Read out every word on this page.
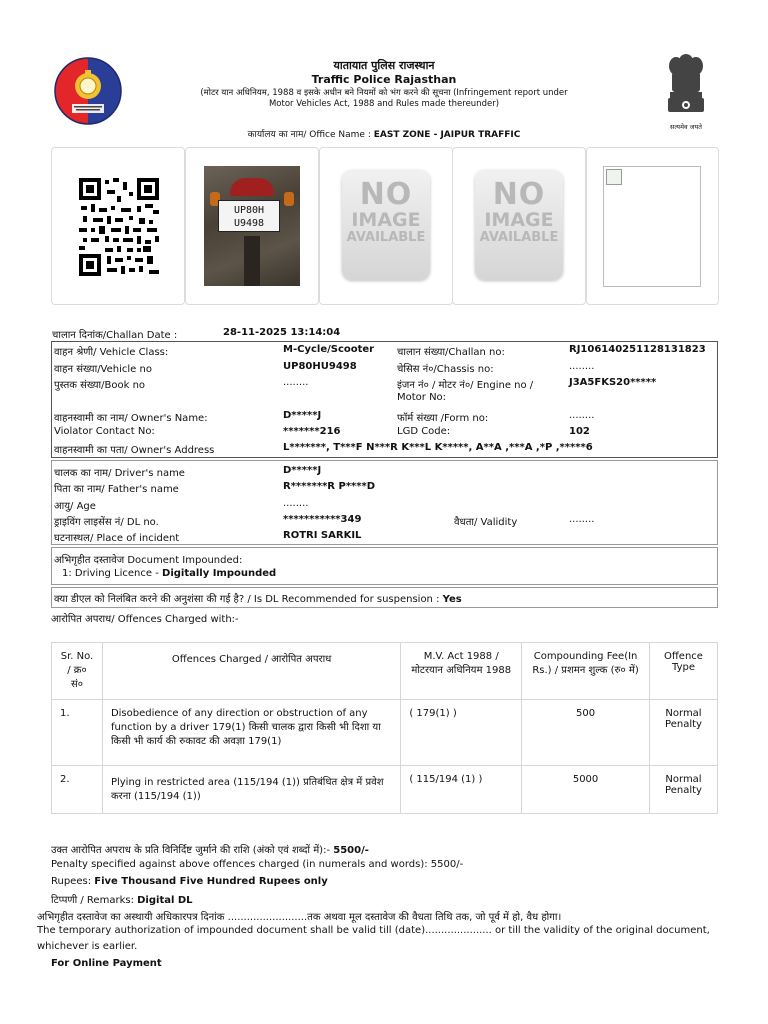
यातायात पुलिस राजस्थान
Traffic Police Rajasthan
(मोटर यान अधिनियम, 1988 व इसके अधीन बने नियमों को भंग करने की सूचना (Infringement report under
Motor Vehicles Act, 1988 and Rules made thereunder)
कार्यालय का नाम/ Office Name : EAST ZONE - JAIPUR TRAFFIC
सत्यमेव जयते
UP80H
U9498
NO
IMAGE
AVAILABLE
NO
IMAGE
AVAILABLE
चालान दिनांक/Challan Date :	28-11-2025 13:14:04
वाहन श्रेणी/ Vehicle Class:	M-Cycle/Scooter चालान संख्या/Challan no:	RJ106140251128131823
वाहन संख्या/Vehicle no	UP80HU9498	चेसिस नं०/Chassis no:	........
पुस्तक संख्या/Book no	........	इंजन नं० / मोटर नं०/ Engine no /
Motor No:
J3A5FKS20*****
वाहनस्वामी का नाम/ Owner's Name:	D*****J	फॉर्म संख्या /Form no:	........
Violator Contact No:	*******216	LGD Code:	102
वाहनस्वामी का पता/ Owner's Address	L*******, T***F N***R K***L K*****, A**A ,***A ,*P ,*****6
चालक का नाम/ Driver's name	D*****J
पिता का नाम/ Father's name	R*******R P****D
आयु/ Age	........
ड्राइविंग लाइसेंस नं/ DL no.	***********349	वैधता/ Validity	........
घटनास्थल/ Place of incident	ROTRI SARKIL
अभिगृहीत दस्तावेज Document Impounded:
1: Driving Licence - Digitally Impounded
क्या डीएल को निलंबित करने की अनुशंसा की गई है? / Is DL Recommended for suspension : Yes
आरोपित अपराध/ Offences Charged with:-
Sr. No. / क्र० सं०	Offences Charged / आरोपित अपराध	M.V. Act 1988 / मोटरयान अधिनियम 1988	Compounding Fee(In Rs.) / प्रशमन शुल्क (रु० में)	Offence Type
1.	Disobedience of any direction or obstruction of any function by a driver 179(1) किसी चालक द्वारा किसी भी दिशा या किसी भी कार्य की रुकावट की अवज्ञा 179(1)	( 179(1) )	500	Normal Penalty
2.	Plying in restricted area (115/194 (1)) प्रतिबंधित क्षेत्र में प्रवेश करना (115/194 (1))	( 115/194 (1) )	5000	Normal Penalty
उक्त आरोपित अपराध के प्रति विनिर्दिष्ट जुर्माने की राशि (अंको एवं शब्दों में):- 5500/-
Penalty specified against above offences charged (in numerals and words): 5500/-
Rupees: Five Thousand Five Hundred Rupees only
टिप्पणी / Remarks: Digital DL
अभिगृहीत दस्तावेज का अस्थायी अधिकारपत्र दिनांक .........................तक अथवा मूल दस्तावेज की वैधता तिथि तक, जो पूर्व में हो, वैध होगा।
The temporary authorization of impounded document shall be valid till (date)..................... or till the validity of the original document,
whichever is earlier.
For Online Payment
